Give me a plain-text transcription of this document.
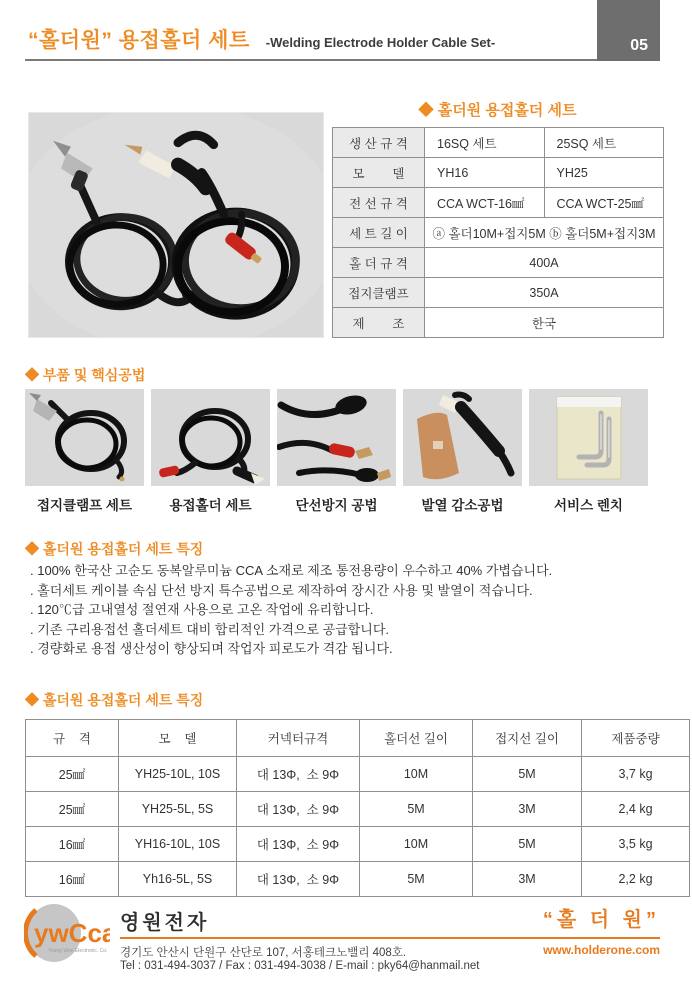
“홀더원” 용접홀더 세트 -Welding Electrode Holder Cable Set-	05
◆ 홀더원 용접홀더 세트
생 산 규 격	16SQ 세트	25SQ 세트
모        델	YH16	YH25
전 선 규 격	CCA WCT-16㎟	CCA WCT-25㎟
세 트 길 이	ⓐ 홀더10M+접지5M ⓑ 홀더5M+접지3M	
홀 더 규 격	400A	
접지클램프	350A	
제        조	한국	
◆ 부품 및 핵심공법
접지클램프 세트	용접홀더 세트	단선방지 공법	발열 감소공법	서비스 렌치
◆ 홀더원 용접홀더 세트 특징
. 100% 한국산 고순도 동복알루미늄 CCA 소재로 제조 통전용량이 우수하고 40% 가볍습니다.
. 홀더세트 케이블 속심 단선 방지 특수공법으로 제작하여 장시간 사용 및 발열이 적습니다.
. 120℃급 고내열성 절연재 사용으로 고온 작업에 유리합니다.
. 기존 구리용접선 홀더세트 대비 합리적인 가격으로 공급합니다.
. 경량화로 용접 생산성이 향상되며 작업자 피로도가 격감 됩니다.
◆ 홀더원 용접홀더 세트 특징
규    격	모    델	커넥터규격	홀더선 길이	접지선 길이	제품중량
25㎟	YH25-10L, 10S	대 13Φ,  소 9Φ	10M	5M	3,7 kg
25㎟	YH25-5L, 5S	대 13Φ,  소 9Φ	5M	3M	2,4 kg
16㎟	YH16-10L, 10S	대 13Φ,  소 9Φ	10M	5M	3,5 kg
16㎟	Yh16-5L, 5S	대 13Φ,  소 9Φ	5M	3M	2,2 kg
ywCca
Young Won Electronic. Co.
영원전자
경기도 안산시 단원구 산단로 107, 서홍테크노밸리 408호.
Tel : 031-494-3037 / Fax : 031-494-3038 / E-mail : pky64@hanmail.net
“홀 더 원”
www.holderone.com
